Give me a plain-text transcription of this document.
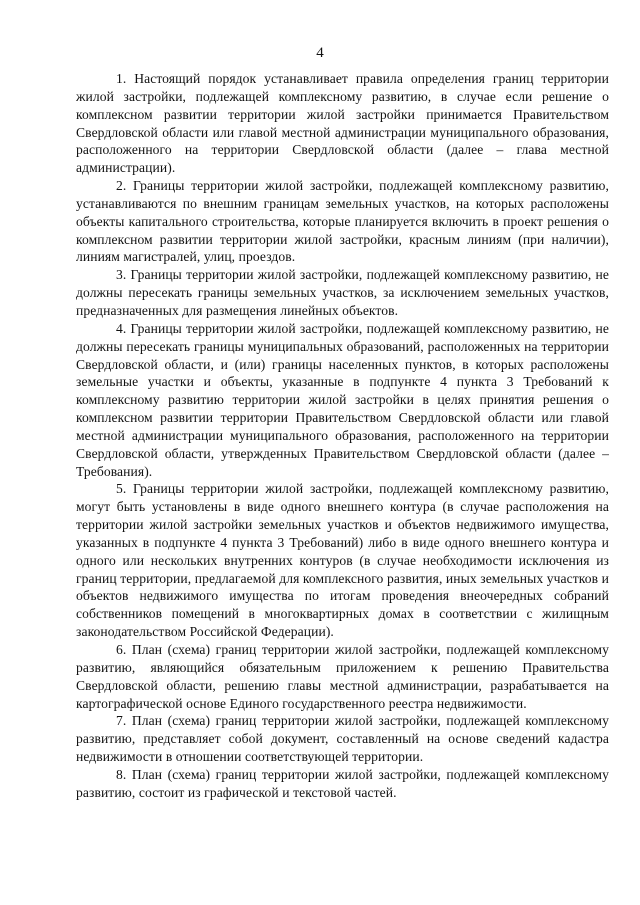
4

1. Настоящий порядок устанавливает правила определения границ территории жилой застройки, подлежащей комплексному развитию, в случае если решение о комплексном развитии территории жилой застройки принимается Правительством Свердловской области или главой местной администрации муниципального образования, расположенного на территории Свердловской области (далее – глава местной администрации).

2. Границы территории жилой застройки, подлежащей комплексному развитию, устанавливаются по внешним границам земельных участков, на которых расположены объекты капитального строительства, которые планируется включить в проект решения о комплексном развитии территории жилой застройки, красным линиям (при наличии), линиям магистралей, улиц, проездов.

3. Границы территории жилой застройки, подлежащей комплексному развитию, не должны пересекать границы земельных участков, за исключением земельных участков, предназначенных для размещения линейных объектов.

4. Границы территории жилой застройки, подлежащей комплексному развитию, не должны пересекать границы муниципальных образований, расположенных на территории Свердловской области, и (или) границы населенных пунктов, в которых расположены земельные участки и объекты, указанные в подпункте 4 пункта 3 Требований к комплексному развитию территории жилой застройки в целях принятия решения о комплексном развитии территории Правительством Свердловской области или главой местной администрации муниципального образования, расположенного на территории Свердловской области, утвержденных Правительством Свердловской области (далее – Требования).

5. Границы территории жилой застройки, подлежащей комплексному развитию, могут быть установлены в виде одного внешнего контура (в случае расположения на территории жилой застройки земельных участков и объектов недвижимого имущества, указанных в подпункте 4 пункта 3 Требований) либо в виде одного внешнего контура и одного или нескольких внутренних контуров (в случае необходимости исключения из границ территории, предлагаемой для комплексного развития, иных земельных участков и объектов недвижимого имущества по итогам проведения внеочередных собраний собственников помещений в многоквартирных домах в соответствии с жилищным законодательством Российской Федерации).

6. План (схема) границ территории жилой застройки, подлежащей комплексному развитию, являющийся обязательным приложением к решению Правительства Свердловской области, решению главы местной администрации, разрабатывается на картографической основе Единого государственного реестра недвижимости.

7. План (схема) границ территории жилой застройки, подлежащей комплексному развитию, представляет собой документ, составленный на основе сведений кадастра недвижимости в отношении соответствующей территории.

8. План (схема) границ территории жилой застройки, подлежащей комплексному развитию, состоит из графической и текстовой частей.
